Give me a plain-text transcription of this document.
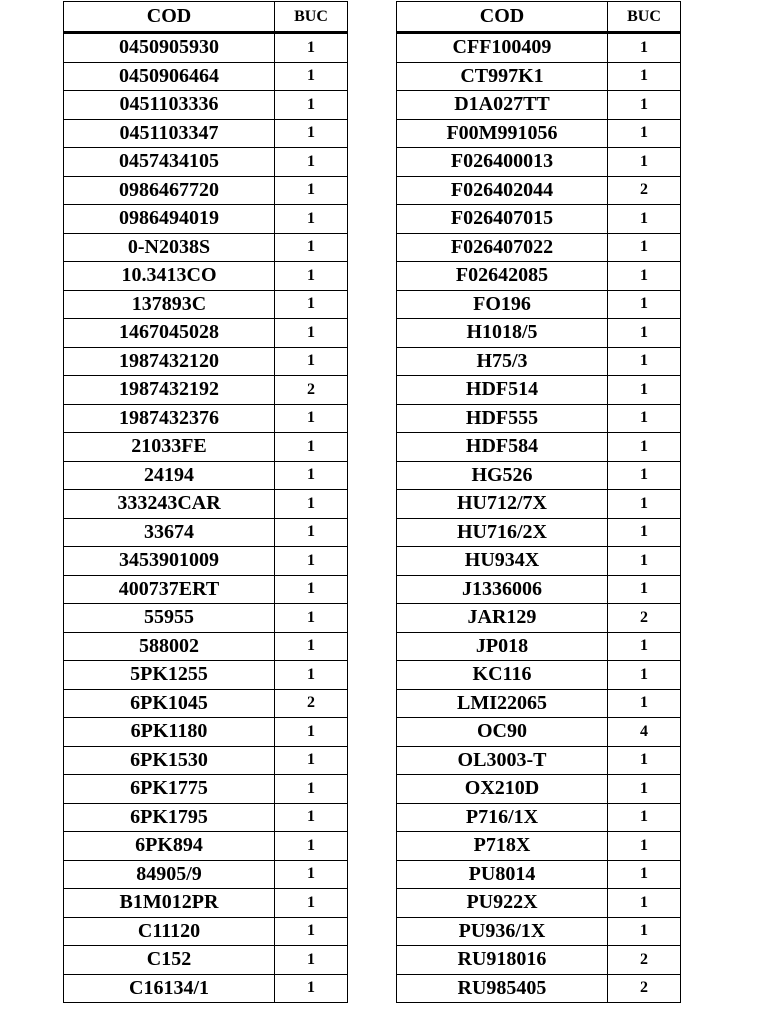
COD	BUC
0450905930	1
0450906464	1
0451103336	1
0451103347	1
0457434105	1
0986467720	1
0986494019	1
0-N2038S	1
10.3413CO	1
137893C	1
1467045028	1
1987432120	1
1987432192	2
1987432376	1
21033FE	1
24194	1
333243CAR	1
33674	1
3453901009	1
400737ERT	1
55955	1
588002	1
5PK1255	1
6PK1045	2
6PK1180	1
6PK1530	1
6PK1775	1
6PK1795	1
6PK894	1
84905/9	1
B1M012PR	1
C11120	1
C152	1
C16134/1	1
COD	BUC
CFF100409	1
CT997K1	1
D1A027TT	1
F00M991056	1
F026400013	1
F026402044	2
F026407015	1
F026407022	1
F02642085	1
FO196	1
H1018/5	1
H75/3	1
HDF514	1
HDF555	1
HDF584	1
HG526	1
HU712/7X	1
HU716/2X	1
HU934X	1
J1336006	1
JAR129	2
JP018	1
KC116	1
LMI22065	1
OC90	4
OL3003-T	1
OX210D	1
P716/1X	1
P718X	1
PU8014	1
PU922X	1
PU936/1X	1
RU918016	2
RU985405	2
